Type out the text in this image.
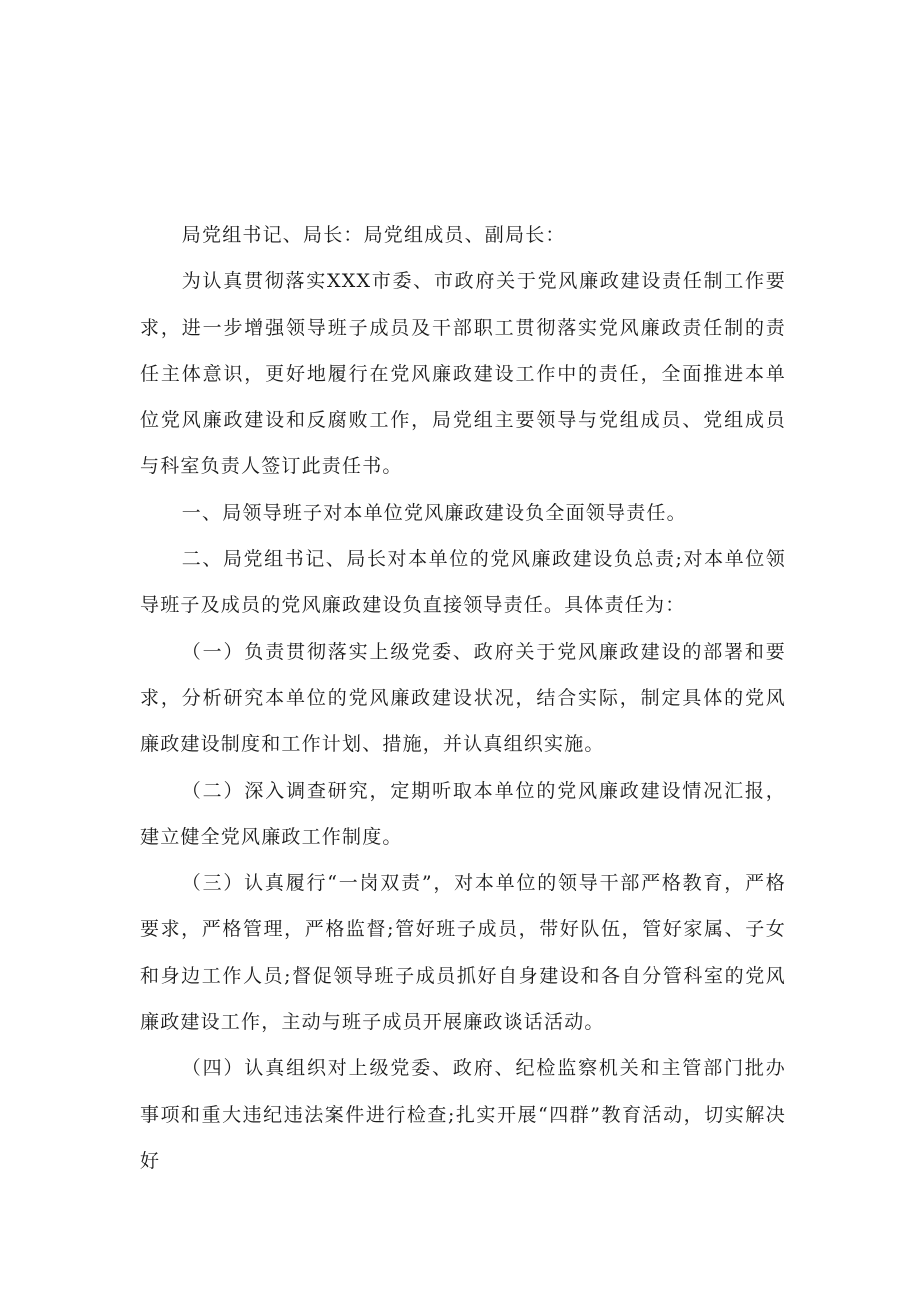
局党组书记、局长：局党组成员、副局长：

为认真贯彻落实XXX市委、市政府关于党风廉政建设责任制工作要求，进一步增强领导班子成员及干部职工贯彻落实党风廉政责任制的责任主体意识，更好地履行在党风廉政建设工作中的责任，全面推进本单位党风廉政建设和反腐败工作，局党组主要领导与党组成员、党组成员与科室负责人签订此责任书。

一、局领导班子对本单位党风廉政建设负全面领导责任。

二、局党组书记、局长对本单位的党风廉政建设负总责;对本单位领导班子及成员的党风廉政建设负直接领导责任。具体责任为：

（一）负责贯彻落实上级党委、政府关于党风廉政建设的部署和要求，分析研究本单位的党风廉政建设状况，结合实际，制定具体的党风廉政建设制度和工作计划、措施，并认真组织实施。

（二）深入调查研究，定期听取本单位的党风廉政建设情况汇报，建立健全党风廉政工作制度。

（三）认真履行“一岗双责”，对本单位的领导干部严格教育，严格要求，严格管理，严格监督;管好班子成员，带好队伍，管好家属、子女和身边工作人员;督促领导班子成员抓好自身建设和各自分管科室的党风廉政建设工作，主动与班子成员开展廉政谈话活动。

（四）认真组织对上级党委、政府、纪检监察机关和主管部门批办事项和重大违纪违法案件进行检查;扎实开展“四群”教育活动，切实解决好
